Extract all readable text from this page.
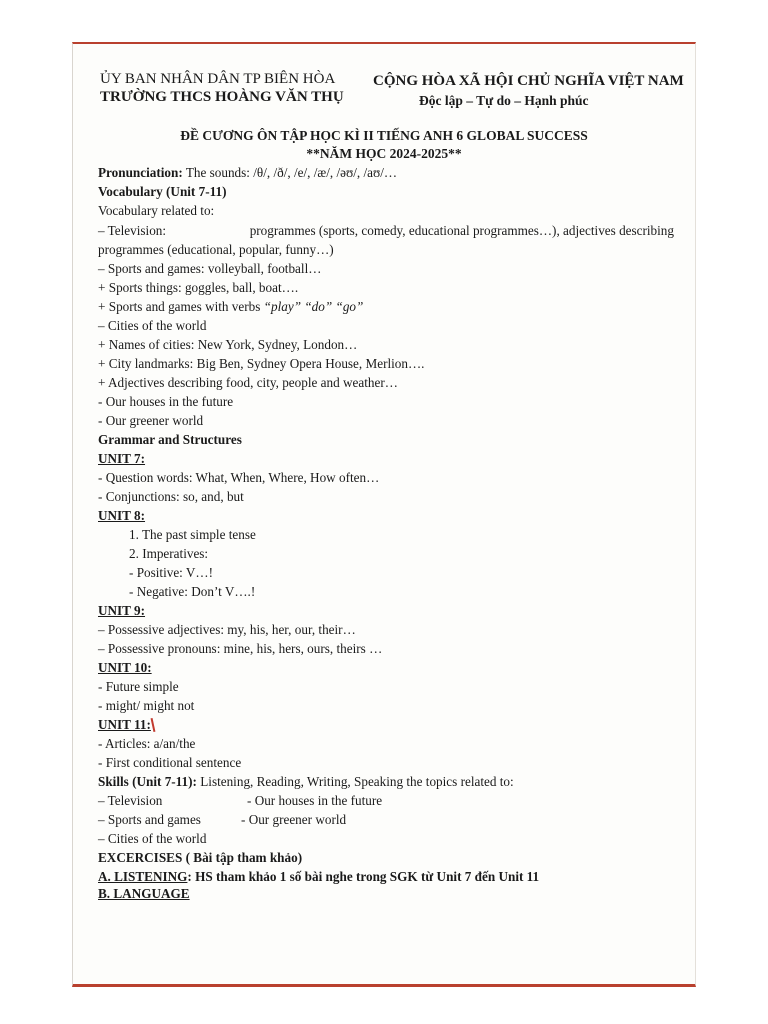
ỦY BAN NHÂN DÂN TP BIÊN HÒA
TRƯỜNG THCS HOÀNG VĂN THỤ
CỘNG HÒA XÃ HỘI CHỦ NGHĨA VIỆT NAM
Độc lập – Tự do – Hạnh phúc
ĐỀ CƯƠNG ÔN TẬP HỌC KÌ II TIẾNG ANH 6 GLOBAL SUCCESS
**NĂM HỌC 2024-2025**
Pronunciation: The sounds: /θ/, /ð/, /e/, /æ/, /əʊ/, /aʊ/…
Vocabulary (Unit 7-11)
Vocabulary related to:
– Television:	programmes (sports, comedy, educational programmes…), adjectives describing
programmes (educational, popular, funny…)
– Sports and games: volleyball, football…
+ Sports things: goggles, ball, boat….
+ Sports and games with verbs “play” “do” “go”
– Cities of the world
+ Names of cities: New York, Sydney, London…
+ City landmarks: Big Ben, Sydney Opera House, Merlion….
+ Adjectives describing food, city, people and weather…
- Our houses in the future
- Our greener world
Grammar and Structures
UNIT 7:
- Question words: What, When, Where, How often…
- Conjunctions: so, and, but
UNIT 8:
1. The past simple tense
2. Imperatives:
- Positive: V…!
- Negative: Don’t V….!
UNIT 9:
– Possessive adjectives: my, his, her, our, their…
– Possessive pronouns: mine, his, hers, ours, theirs …
UNIT 10:
- Future simple
- might/ might not
UNIT 11:
- Articles: a/an/the
- First conditional sentence
Skills (Unit 7-11): Listening, Reading, Writing, Speaking the topics related to:
– Television	- Our houses in the future
– Sports and games	- Our greener world
– Cities of the world
EXCERCISES ( Bài tập tham khảo)
A. LISTENING: HS tham khảo 1 số bài nghe trong SGK từ Unit 7 đến Unit 11
B. LANGUAGE
